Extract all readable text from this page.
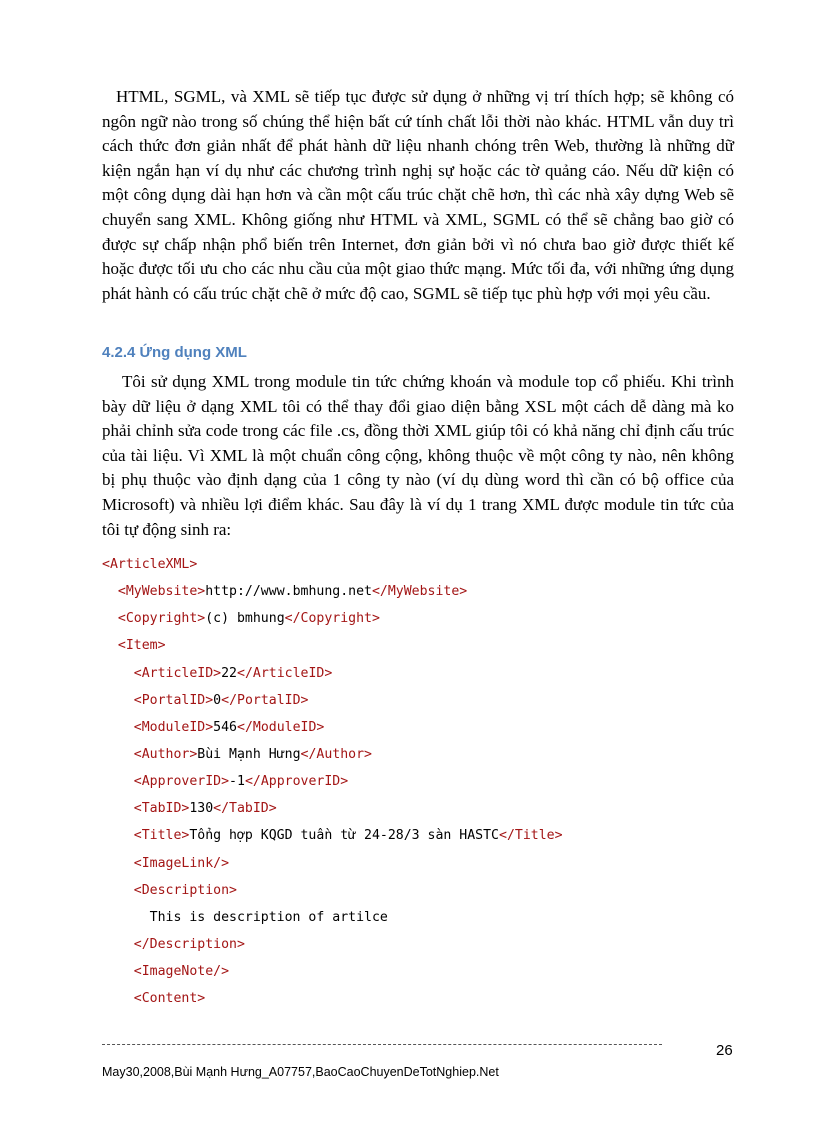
HTML, SGML, và XML sẽ tiếp tục được sử dụng ở những vị trí thích hợp; sẽ không có ngôn ngữ nào trong số chúng thể hiện bất cứ tính chất lỗi thời nào khác. HTML vẫn duy trì cách thức đơn giản nhất để phát hành dữ liệu nhanh chóng trên Web, thường là những dữ kiện ngắn hạn ví dụ như các chương trình nghị sự hoặc các tờ quảng cáo. Nếu dữ kiện có một công dụng dài hạn hơn và cần một cấu trúc chặt chẽ hơn, thì các nhà xây dựng Web sẽ chuyển sang XML. Không giống như HTML và XML, SGML có thể sẽ chẳng bao giờ có được sự chấp nhận phổ biến trên Internet, đơn giản bởi vì nó chưa bao giờ được thiết kế hoặc được tối ưu cho các nhu cầu của một giao thức mạng. Mức tối đa, với những ứng dụng phát hành có cấu trúc chặt chẽ ở mức độ cao, SGML sẽ tiếp tục phù hợp với mọi yêu cầu.

4.2.4 Ứng dụng XML

Tôi sử dụng XML trong module tin tức chứng khoán và module top cổ phiếu. Khi trình bày dữ liệu ở dạng XML tôi có thể thay đổi giao diện bằng XSL một cách dễ dàng mà ko phải chỉnh sửa code trong các file .cs, đồng thời XML giúp tôi có khả năng chỉ định cấu trúc của tài liệu. Vì XML là một chuẩn công cộng, không thuộc về một công ty nào, nên không bị phụ thuộc vào định dạng của 1 công ty nào (ví dụ dùng word thì cần có bộ office của Microsoft) và nhiều lợi điểm khác. Sau đây là ví dụ 1 trang XML được module tin tức của tôi tự động sinh ra:

<ArticleXML>
<MyWebsite>http://www.bmhung.net</MyWebsite>
<Copyright>(c) bmhung</Copyright>
<Item>
<ArticleID>22</ArticleID>
<PortalID>0</PortalID>
<ModuleID>546</ModuleID>
<Author>Bùi Mạnh Hưng</Author>
<ApproverID>-1</ApproverID>
<TabID>130</TabID>
<Title>Tổng hợp KQGD tuần từ 24-28/3 sàn HASTC</Title>
<ImageLink/>
<Description>
This is description of artilce
</Description>
<ImageNote/>
<Content>
26
May30,2008,Bùi Mạnh Hưng_A07757,BaoCaoChuyenDeTotNghiep.Net
